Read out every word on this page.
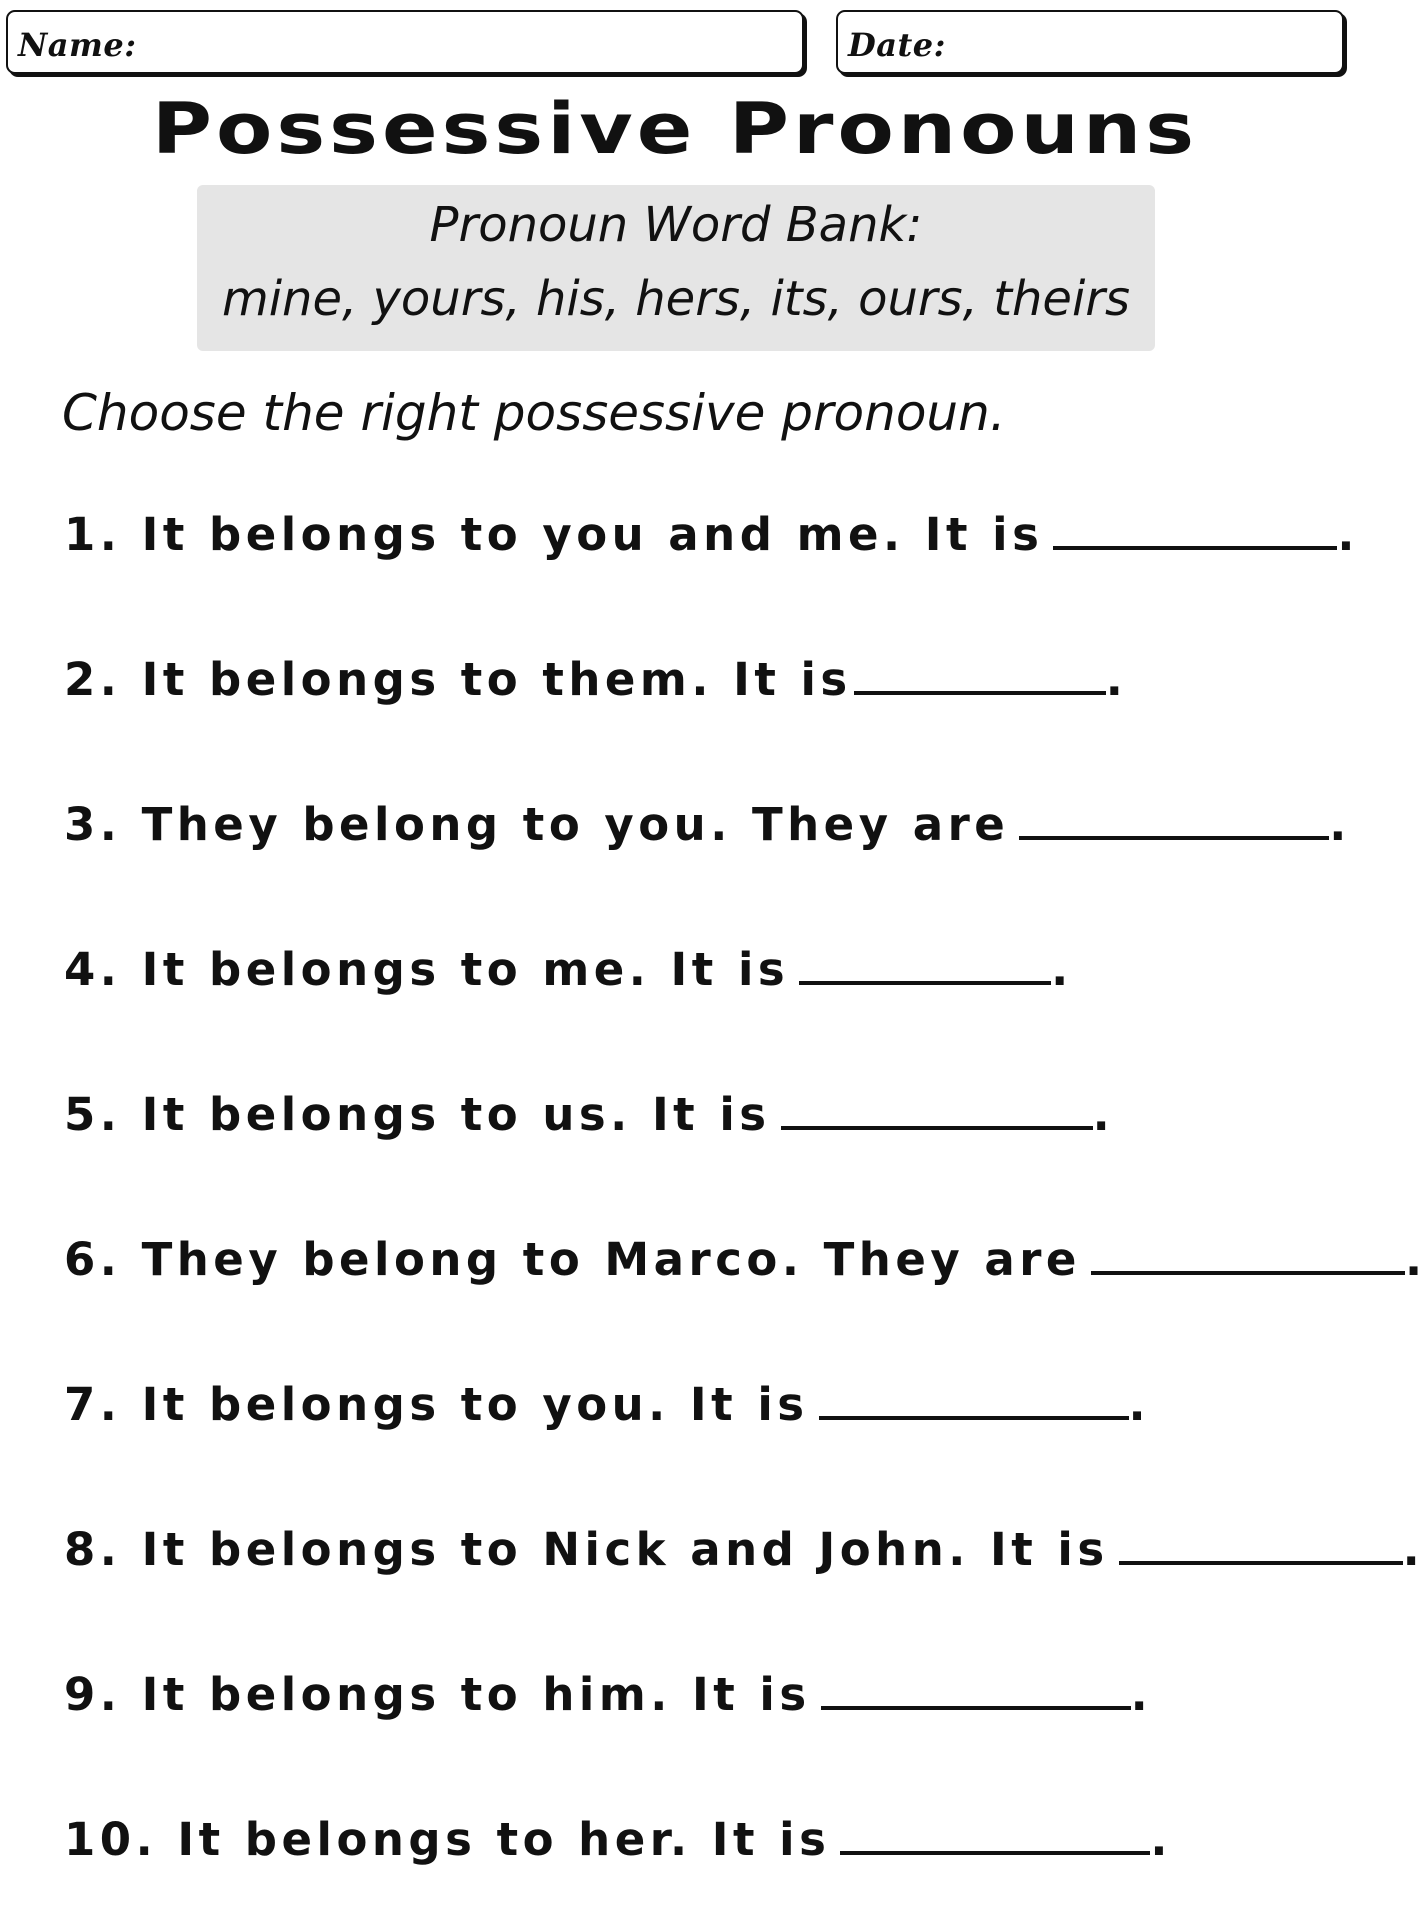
Name:	Date:
Possessive Pronouns
Pronoun Word Bank:
mine, yours, his, hers, its, ours, theirs
Choose the right possessive pronoun.
1. It belongs to you and me. It is	.
2. It belongs to them. It is	.
3. They belong to you. They are	.
4. It belongs to me. It is	.
5. It belongs to us. It is	.
6. They belong to Marco. They are	.
7. It belongs to you. It is	.
8. It belongs to Nick and John. It is	.
9. It belongs to him. It is	.
10. It belongs to her. It is	.
